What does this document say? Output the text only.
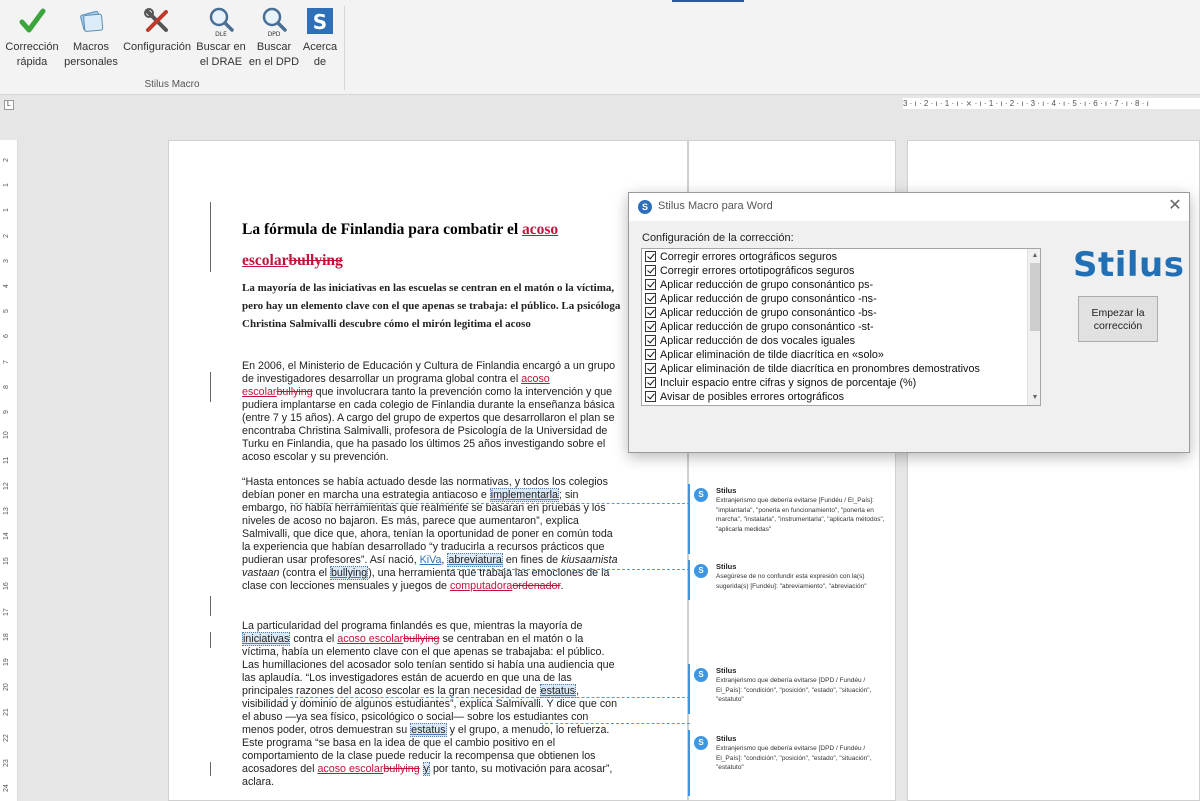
Corrección
rápida
Macros
personales
Configuración
DLE
Buscar en
el DRAE
DPD
Buscar
en el DPD
S
Acerca
de
Stilus Macro
L	3 · ı · 2 · ı · 1 · ı · ⨯ · ı · 1 · ı · 2 · ı · 3 · ı · 4 · ı · 5 · ı · 6 · ı · 7 · ı · 8 · ı
2
1
1
2
3
4
5
6
7
8
9
10
11
12
13
14
15
16
17
18
19
20
21
22
23
24
La fórmula de Finlandia para combatir el acoso escolarbullying
La mayoría de las iniciativas en las escuelas se centran en el matón o la víctima, pero hay un elemento clave con el que apenas se trabaja: el público. La psicóloga Christina Salmivalli descubre cómo el mirón legitima el acoso
En 2006, el Ministerio de Educación y Cultura de Finlandia encargó a un grupo de investigadores desarrollar un programa global contra el acoso escolarbullying que involucrara tanto la prevención como la intervención y que pudiera implantarse en cada colegio de Finlandia durante la enseñanza básica (entre 7 y 15 años). A cargo del grupo de expertos que desarrollaron el plan se encontraba Christina Salmivalli, profesora de Psicología de la Universidad de Turku en Finlandia, que ha pasado los últimos 25 años investigando sobre el acoso escolar y su prevención.
“Hasta entonces se había actuado desde las normativas, y todos los colegios debían poner en marcha una estrategia antiacoso e implementarla; sin embargo, no había herramientas que realmente se basaran en pruebas y los niveles de acoso no bajaron. Es más, parece que aumentaron”, explica Salmivalli, que dice que, ahora, tenían la oportunidad de poner en común toda la experiencia que habían desarrollado “y traducirla a recursos prácticos que pudieran usar profesores”. Así nació, KiVa, abreviatura en fines de kiusaamista vastaan (contra el bullying), una herramienta que trabaja las emociones de la clase con lecciones mensuales y juegos de computadoraordenador.
La particularidad del programa finlandés es que, mientras la mayoría de iniciativas contra el acoso escolarbullying se centraban en el matón o la víctima, había un elemento clave con el que apenas se trabajaba: el público. Las humillaciones del acosador solo tenían sentido si había una audiencia que las aplaudía. “Los investigadores están de acuerdo en que una de las principales razones del acoso escolar es la gran necesidad de estatus, visibilidad y dominio de algunos estudiantes”, explica Salmivalli. Y dice que con el abuso —ya sea físico, psicológico o social— sobre los estudiantes con menos poder, otros demuestran su estatus y el grupo, a menudo, lo refuerza. Este programa “se basa en la idea de que el cambio positivo en el comportamiento de la clase puede reducir la recompensa que obtienen los acosadores del acoso escolarbullying y por tanto, su motivación para acosar”, aclara.
S	Stilus
Extranjerismo que debería evitarse [Fundéu / El_País]: "implantarla", "ponerla en funcionamiento", "ponerla en marcha", "instalarla", "instrumentarla", "aplicarla métodos", "aplicarla medidas"
S	Stilus
Asegúrese de no confundir esta expresión con la(s) sugerida(s) [Fundéu]: "abreviamiento", "abreviación"
S	Stilus
Extranjerismo que debería evitarse [DPD / Fundéu / El_País]: "condición", "posición", "estado", "situación", "estatuto"
S	Stilus
Extranjerismo que debería evitarse [DPD / Fundéu / El_País]: "condición", "posición", "estado", "situación", "estatuto"
S Stilus Macro para Word	✕
Configuración de la corrección:
▲
▼
Corregir errores ortográficos seguros
Corregir errores ortotipográficos seguros
Aplicar reducción de grupo consonántico ps-
Aplicar reducción de grupo consonántico -ns-
Aplicar reducción de grupo consonántico -bs-
Aplicar reducción de grupo consonántico -st-
Aplicar reducción de dos vocales iguales
Aplicar eliminación de tilde diacrítica en «solo»
Aplicar eliminación de tilde diacrítica en pronombres demostrativos
Incluir espacio entre cifras y signos de porcentaje (%)
Avisar de posibles errores ortográficos
Stilus
Empezar la
corrección
